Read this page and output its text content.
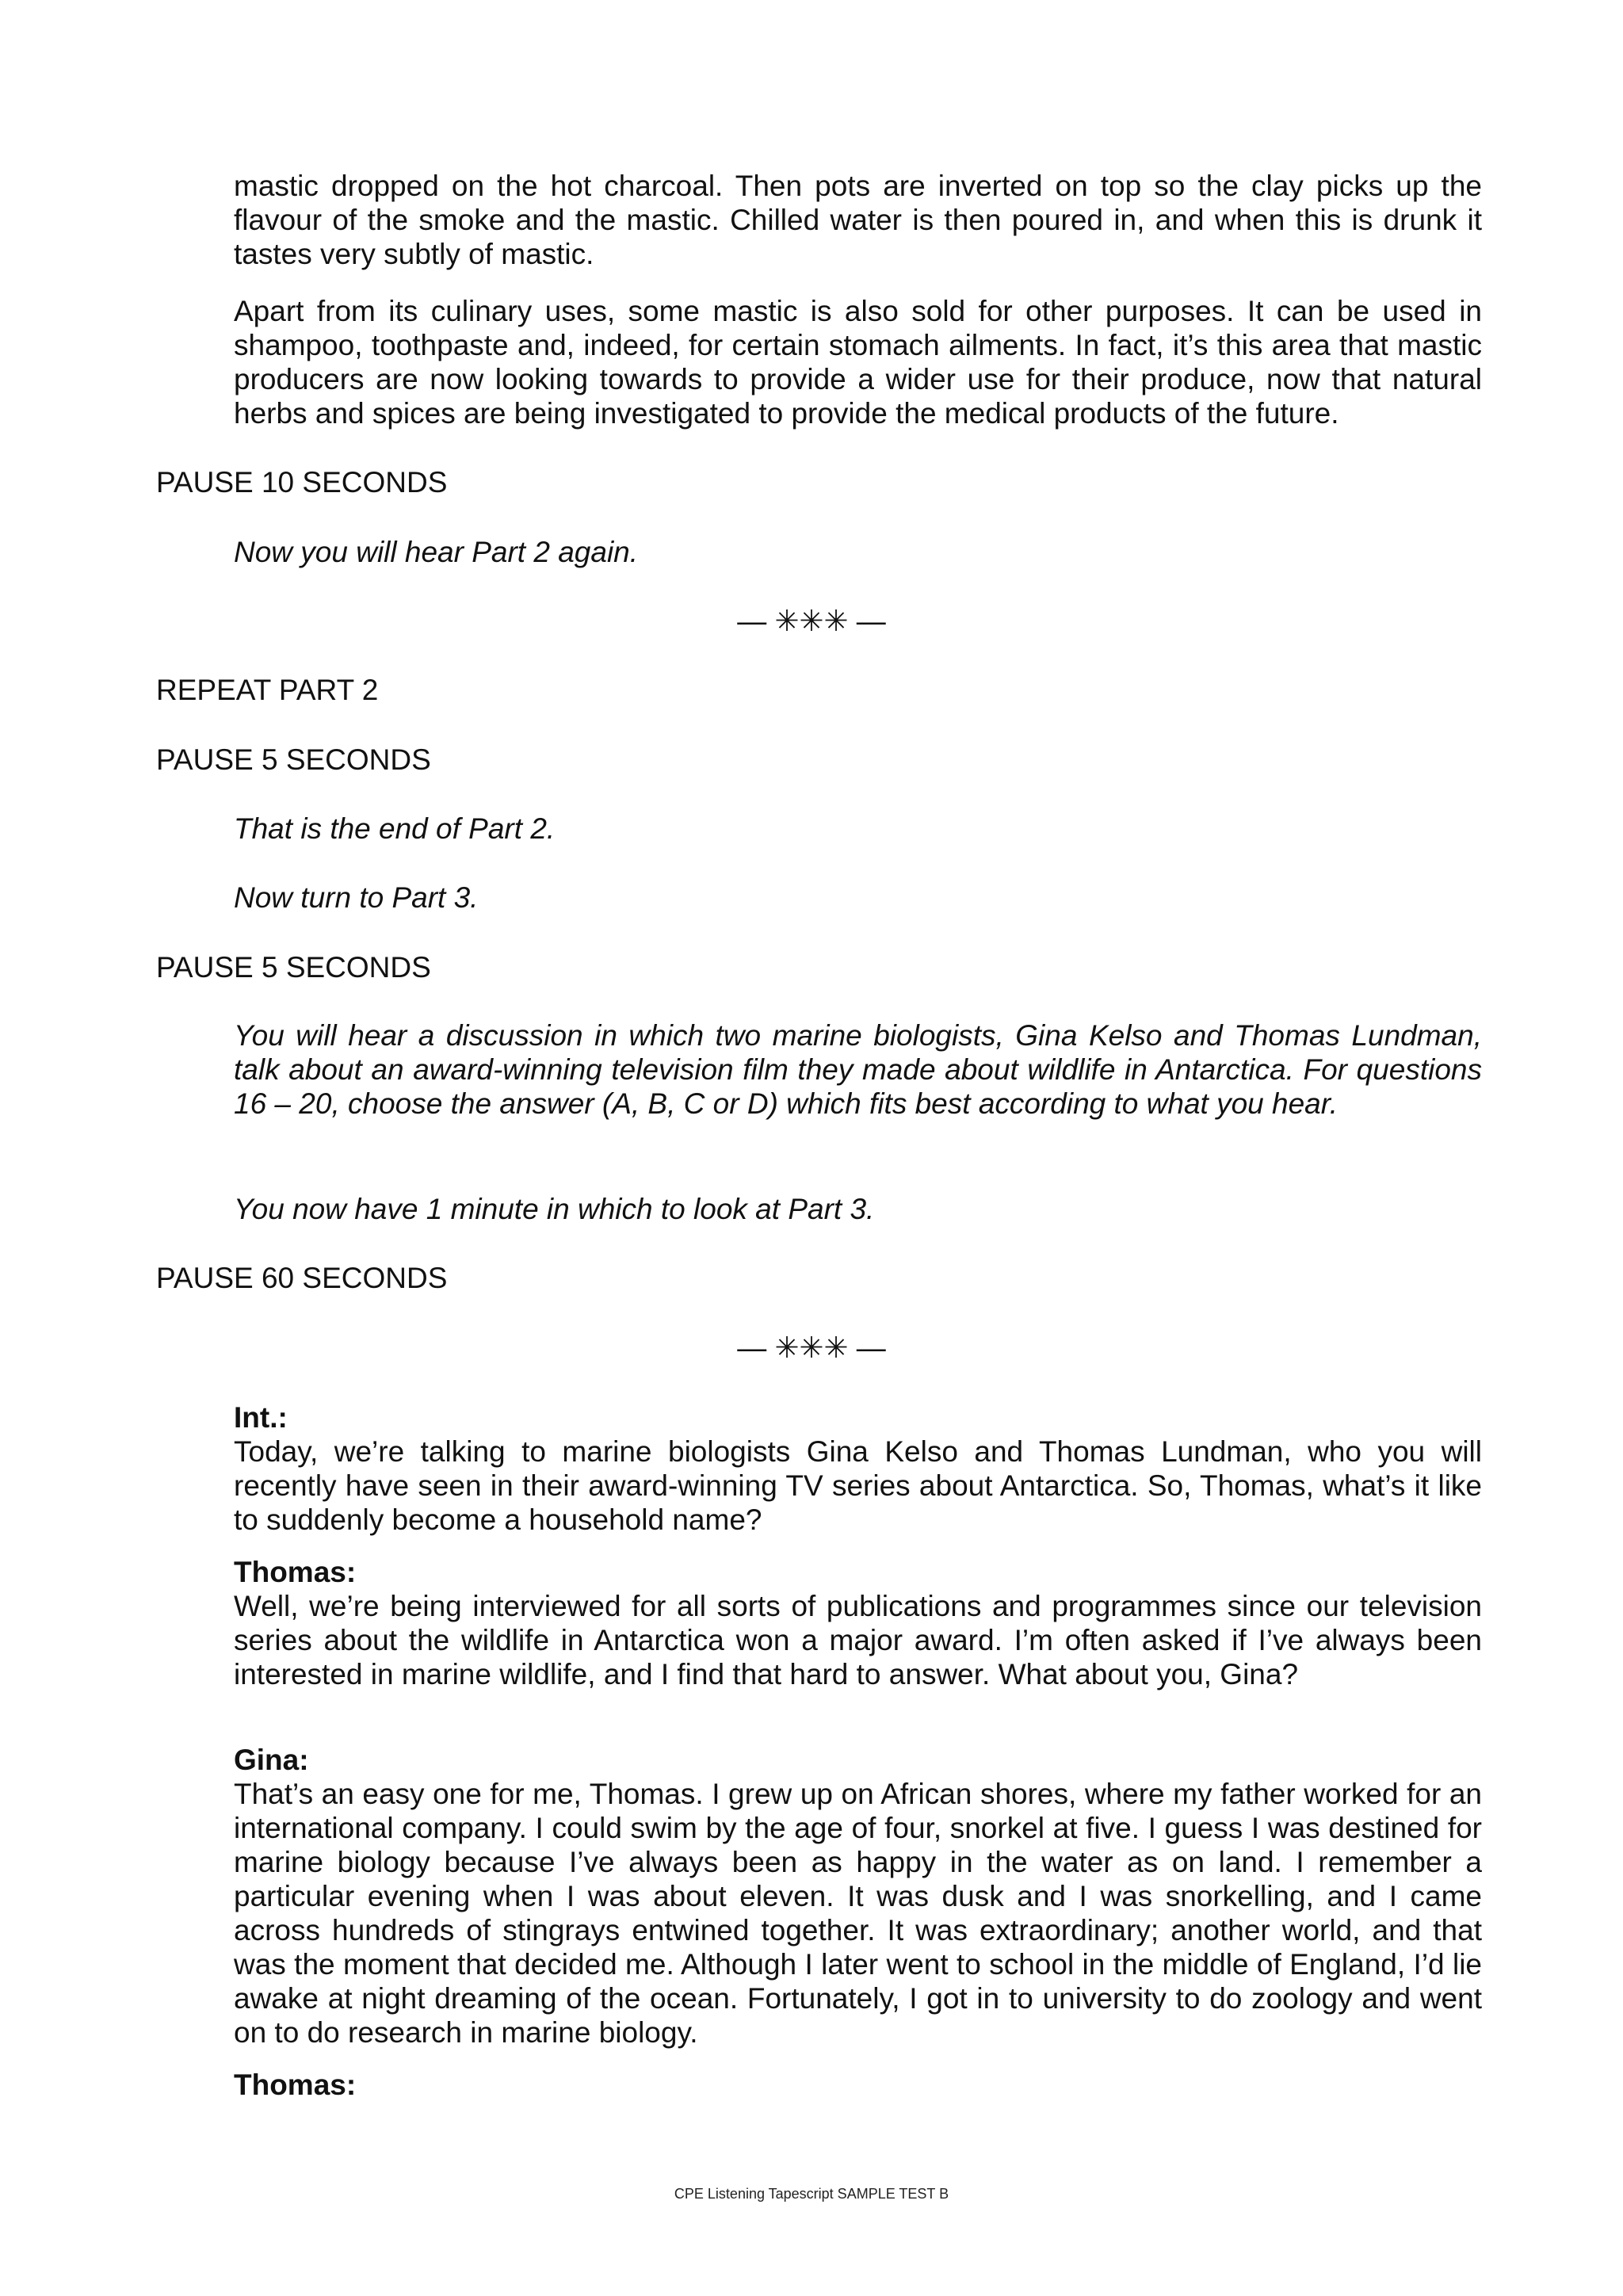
mastic dropped on the hot charcoal. Then pots are inverted on top so the clay picks up the flavour of the smoke and the mastic. Chilled water is then poured in, and when this is drunk it tastes very subtly of mastic.

Apart from its culinary uses, some mastic is also sold for other purposes. It can be used in shampoo, toothpaste and, indeed, for certain stomach ailments. In fact, it’s this area that mastic producers are now looking towards to provide a wider use for their produce, now that natural herbs and spices are being investigated to provide the medical products of the future.

PAUSE 10 SECONDS

Now you will hear Part 2 again.

— ✳✳✳ —

REPEAT PART 2

PAUSE 5 SECONDS

That is the end of Part 2.

Now turn to Part 3.

PAUSE 5 SECONDS

You will hear a discussion in which two marine biologists, Gina Kelso and Thomas Lundman, talk about an award-winning television film they made about wildlife in Antarctica. For questions 16 – 20, choose the answer (A, B, C or D) which fits best according to what you hear.

You now have 1 minute in which to look at Part 3.

PAUSE 60 SECONDS

— ✳✳✳ —

Int.:

Today, we’re talking to marine biologists Gina Kelso and Thomas Lundman, who you will recently have seen in their award-winning TV series about Antarctica. So, Thomas, what’s it like to suddenly become a household name?

Thomas:

Well, we’re being interviewed for all sorts of publications and programmes since our television series about the wildlife in Antarctica won a major award. I’m often asked if I’ve always been interested in marine wildlife, and I find that hard to answer. What about you, Gina?

Gina:

That’s an easy one for me, Thomas. I grew up on African shores, where my father worked for an international company. I could swim by the age of four, snorkel at five. I guess I was destined for marine biology because I’ve always been as happy in the water as on land. I remember a particular evening when I was about eleven. It was dusk and I was snorkelling, and I came across hundreds of stingrays entwined together. It was extraordinary; another world, and that was the moment that decided me. Although I later went to school in the middle of England, I’d lie awake at night dreaming of the ocean. Fortunately, I got in to university to do zoology and went on to do research in marine biology.

Thomas:

CPE Listening Tapescript SAMPLE TEST B
